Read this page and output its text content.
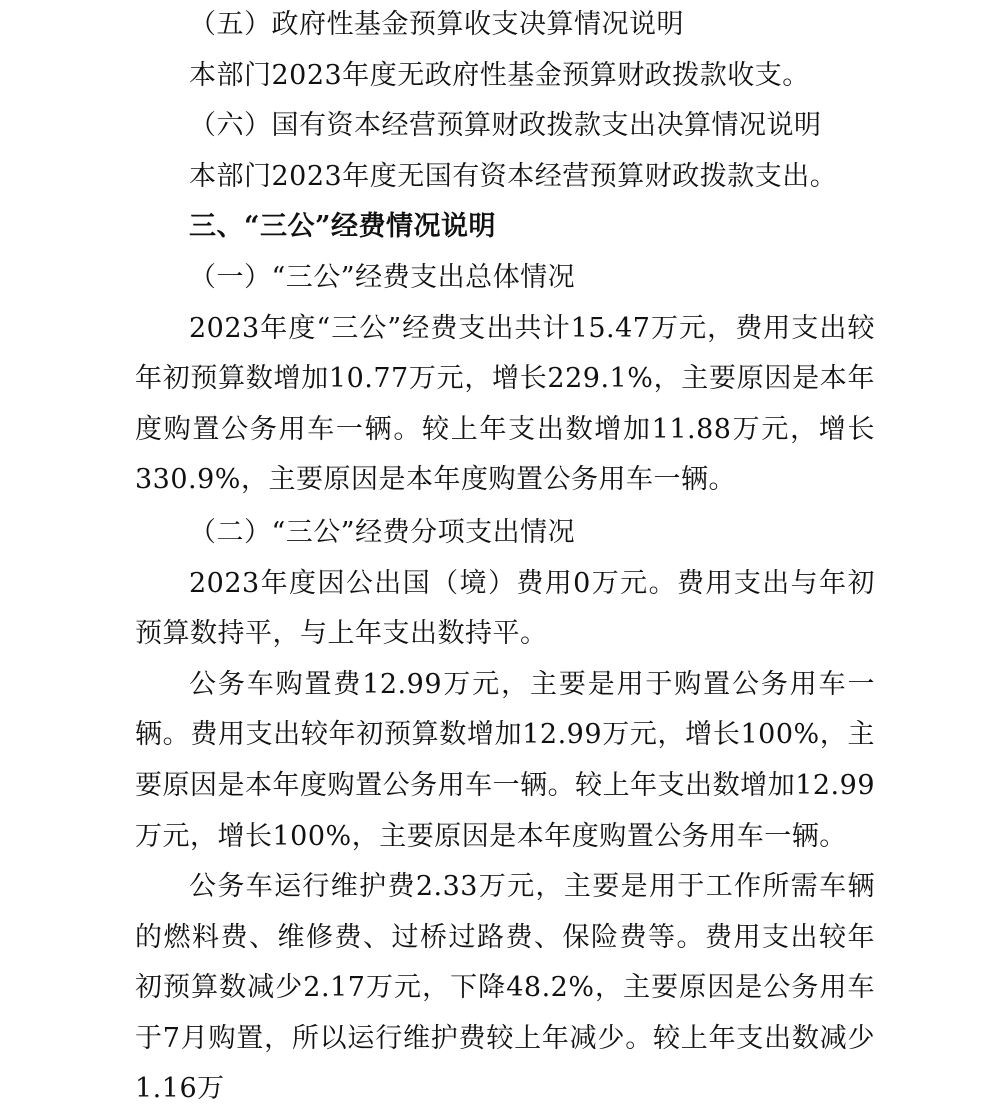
（五）政府性基金预算收支决算情况说明

本部门2023年度无政府性基金预算财政拨款收支。

（六）国有资本经营预算财政拨款支出决算情况说明

本部门2023年度无国有资本经营预算财政拨款支出。

三、“三公”经费情况说明

（一）“三公”经费支出总体情况

2023年度“三公”经费支出共计15.47万元，费用支出较年初预算数增加10.77万元，增长229.1%，主要原因是本年度购置公务用车一辆。较上年支出数增加11.88万元，增长330.9%，主要原因是本年度购置公务用车一辆。

（二）“三公”经费分项支出情况

2023年度因公出国（境）费用0万元。费用支出与年初预算数持平，与上年支出数持平。

公务车购置费12.99万元，主要是用于购置公务用车一辆。费用支出较年初预算数增加12.99万元，增长100%，主要原因是本年度购置公务用车一辆。较上年支出数增加12.99万元，增长100%，主要原因是本年度购置公务用车一辆。

公务车运行维护费2.33万元，主要是用于工作所需车辆的燃料费、维修费、过桥过路费、保险费等。费用支出较年初预算数减少2.17万元，下降48.2%，主要原因是公务用车于7月购置，所以运行维护费较上年减少。较上年支出数减少1.16万
